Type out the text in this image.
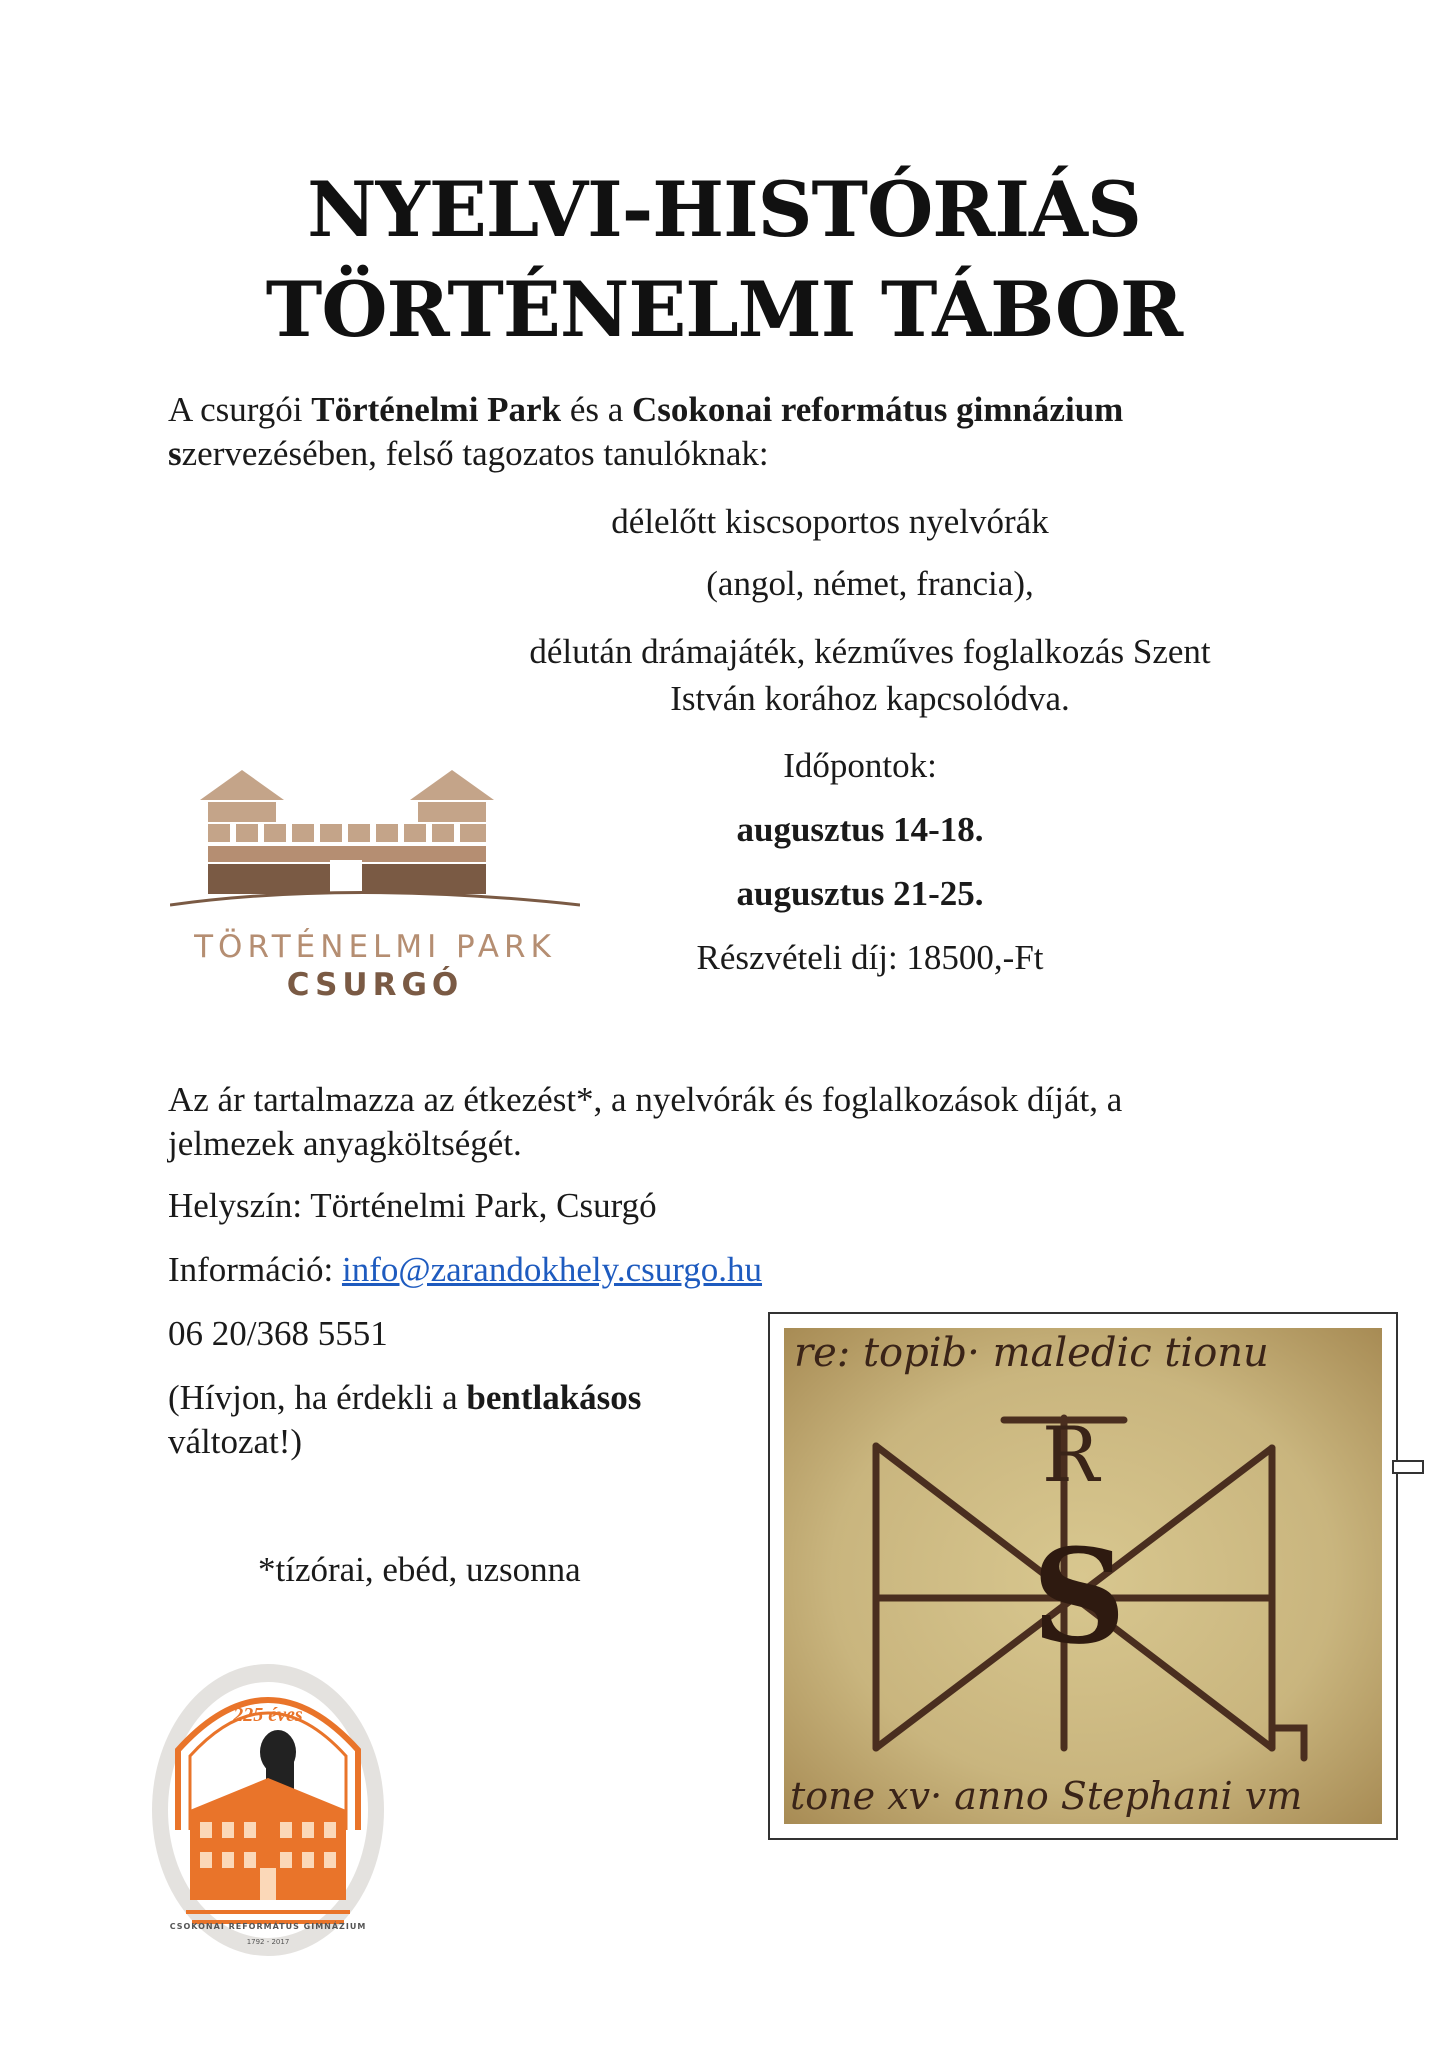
NYELVI-HISTÓRIÁS
TÖRTÉNELMI TÁBOR
A csurgói Történelmi Park és a Csokonai református gimnázium
szervezésében, felső tagozatos tanulóknak:
délelőtt kiscsoportos nyelvórák
(angol, német, francia),
délután drámajáték, kézműves foglalkozás Szent
István korához kapcsolódva.
Időpontok:
augusztus 14-18.
augusztus 21-25.
Részvételi díj: 18500,-Ft
TÖRTÉNELMI PARK
CSURGÓ
Az ár tartalmazza az étkezést*, a nyelvórák és foglalkozások díját, a
jelmezek anyagköltségét.
Helyszín: Történelmi Park, Csurgó
Információ: info@zarandokhely.csurgo.hu
06 20/368 5551
(Hívjon, ha érdekli a bentlakásos
változat!)
*tízórai, ebéd, uzsonna
225 éves
CSOKONAI REFORMÁTUS GIMNÁZIUM
1792 - 2017
re: topib· maledic tionu
tone xv· anno Stephani vm
R
S
